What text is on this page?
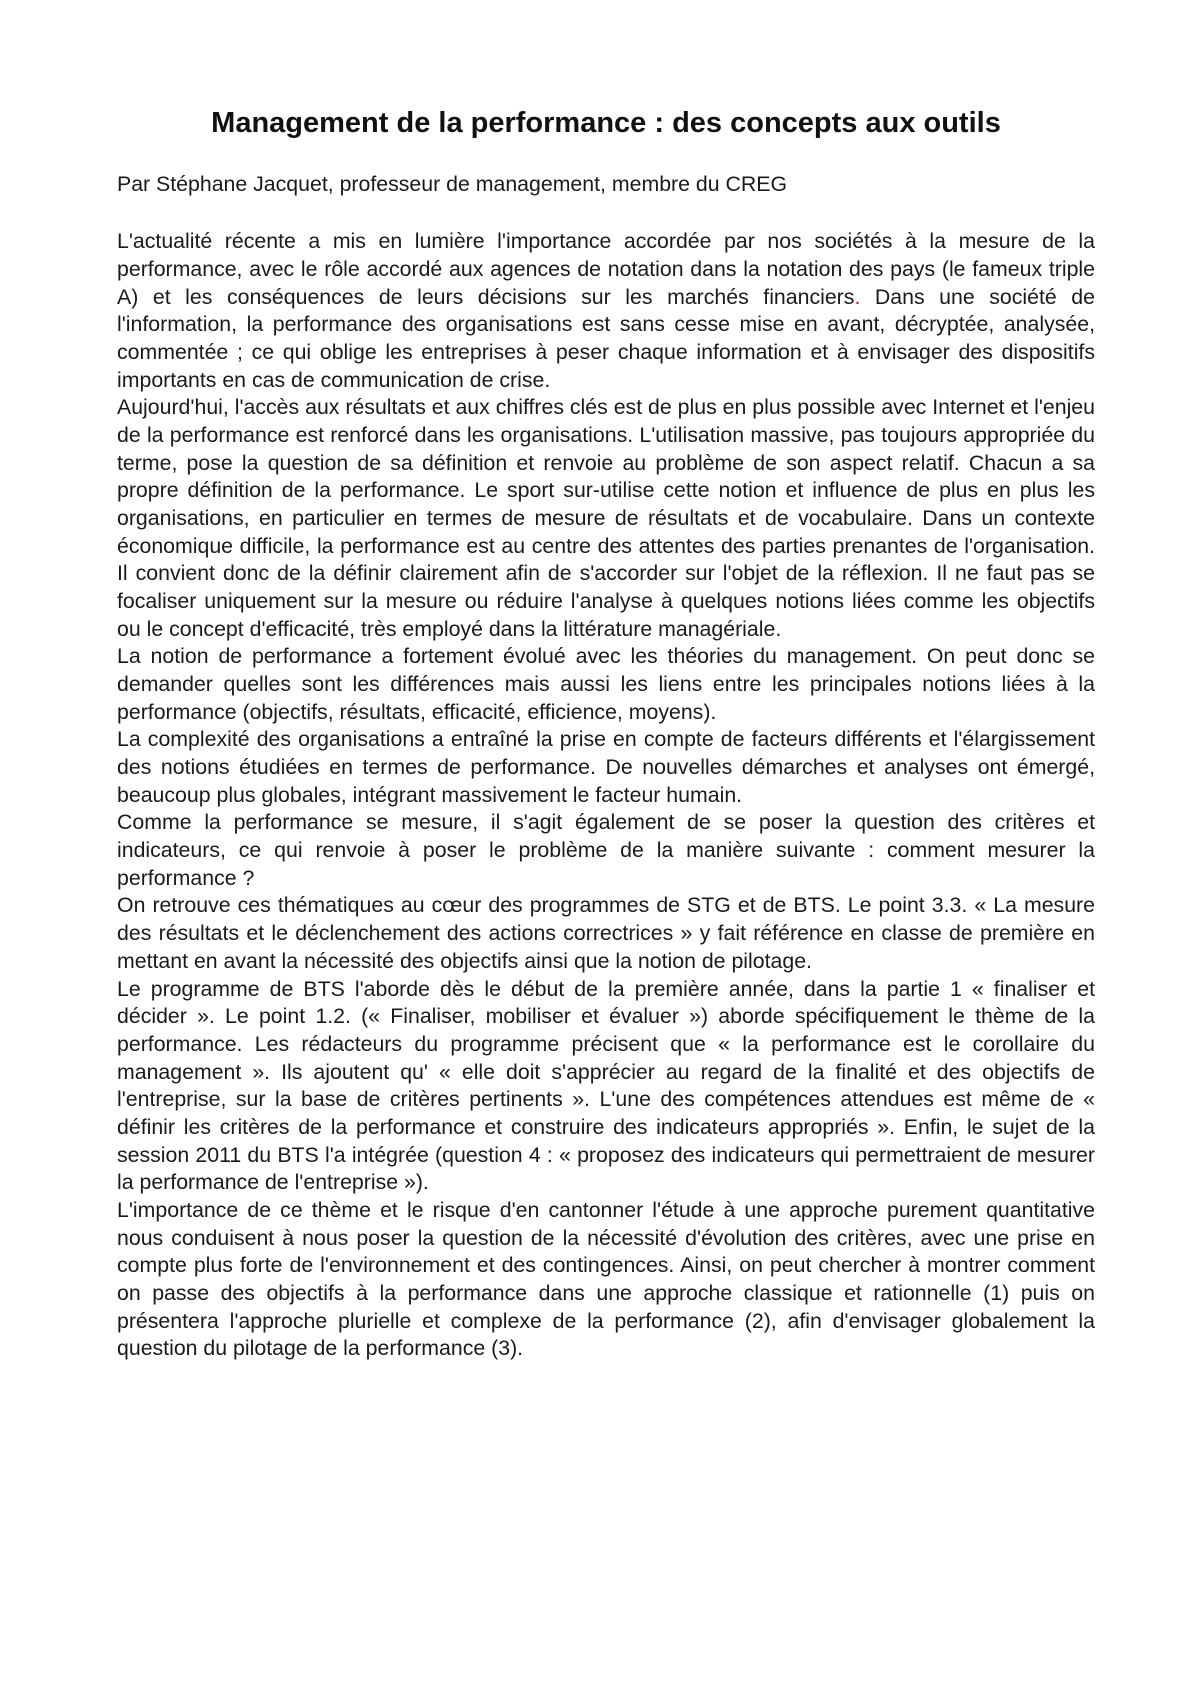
Management de la performance : des concepts aux outils

Par Stéphane Jacquet, professeur de management, membre du CREG

L'actualité récente a mis en lumière l'importance accordée par nos sociétés à la mesure de la performance, avec le rôle accordé aux agences de notation dans la notation des pays (le fameux triple A) et les conséquences de leurs décisions sur les marchés financiers. Dans une société de l'information, la performance des organisations est sans cesse mise en avant, décryptée, analysée, commentée ; ce qui oblige les entreprises à peser chaque information et à envisager des dispositifs importants en cas de communication de crise.

Aujourd'hui, l'accès aux résultats et aux chiffres clés est de plus en plus possible avec Internet et l'enjeu de la performance est renforcé dans les organisations. L'utilisation massive, pas toujours appropriée du terme, pose la question de sa définition et renvoie au problème de son aspect relatif. Chacun a sa propre définition de la performance. Le sport sur-utilise cette notion et influence de plus en plus les organisations, en particulier en termes de mesure de résultats et de vocabulaire. Dans un contexte économique difficile, la performance est au centre des attentes des parties prenantes de l'organisation. Il convient donc de la définir clairement afin de s'accorder sur l'objet de la réflexion. Il ne faut pas se focaliser uniquement sur la mesure ou réduire l'analyse à quelques notions liées comme les objectifs ou le concept d'efficacité, très employé dans la littérature managériale.

La notion de performance a fortement évolué avec les théories du management. On peut donc se demander quelles sont les différences mais aussi les liens entre les principales notions liées à la performance (objectifs, résultats, efficacité, efficience, moyens).

La complexité des organisations a entraîné la prise en compte de facteurs différents et l'élargissement des notions étudiées en termes de performance. De nouvelles démarches et analyses ont émergé, beaucoup plus globales, intégrant massivement le facteur humain.

Comme la performance se mesure, il s'agit également de se poser la question des critères et indicateurs, ce qui renvoie à poser le problème de la manière suivante : comment mesurer la performance ?

On retrouve ces thématiques au cœur des programmes de STG et de BTS. Le point 3.3. « La mesure des résultats et le déclenchement des actions correctrices » y fait référence en classe de première en mettant en avant la nécessité des objectifs ainsi que la notion de pilotage.

Le programme de BTS l'aborde dès le début de la première année, dans la partie 1 « finaliser et décider ». Le point 1.2. (« Finaliser, mobiliser et évaluer ») aborde spécifiquement le thème de la performance. Les rédacteurs du programme précisent que « la performance est le corollaire du management ». Ils ajoutent qu' « elle doit s'apprécier au regard de la finalité et des objectifs de l'entreprise, sur la base de critères pertinents ». L'une des compétences attendues est même de « définir les critères de la performance et construire des indicateurs appropriés ». Enfin, le sujet de la session 2011 du BTS l'a intégrée (question 4 : « proposez des indicateurs qui permettraient de mesurer la performance de l'entreprise »).

L'importance de ce thème et le risque d'en cantonner l'étude à une approche purement quantitative nous conduisent à nous poser la question de la nécessité d'évolution des critères, avec une prise en compte plus forte de l'environnement et des contingences. Ainsi, on peut chercher à montrer comment on passe des objectifs à la performance dans une approche classique et rationnelle (1) puis on présentera l'approche plurielle et complexe de la performance (2), afin d'envisager globalement la question du pilotage de la performance (3).
